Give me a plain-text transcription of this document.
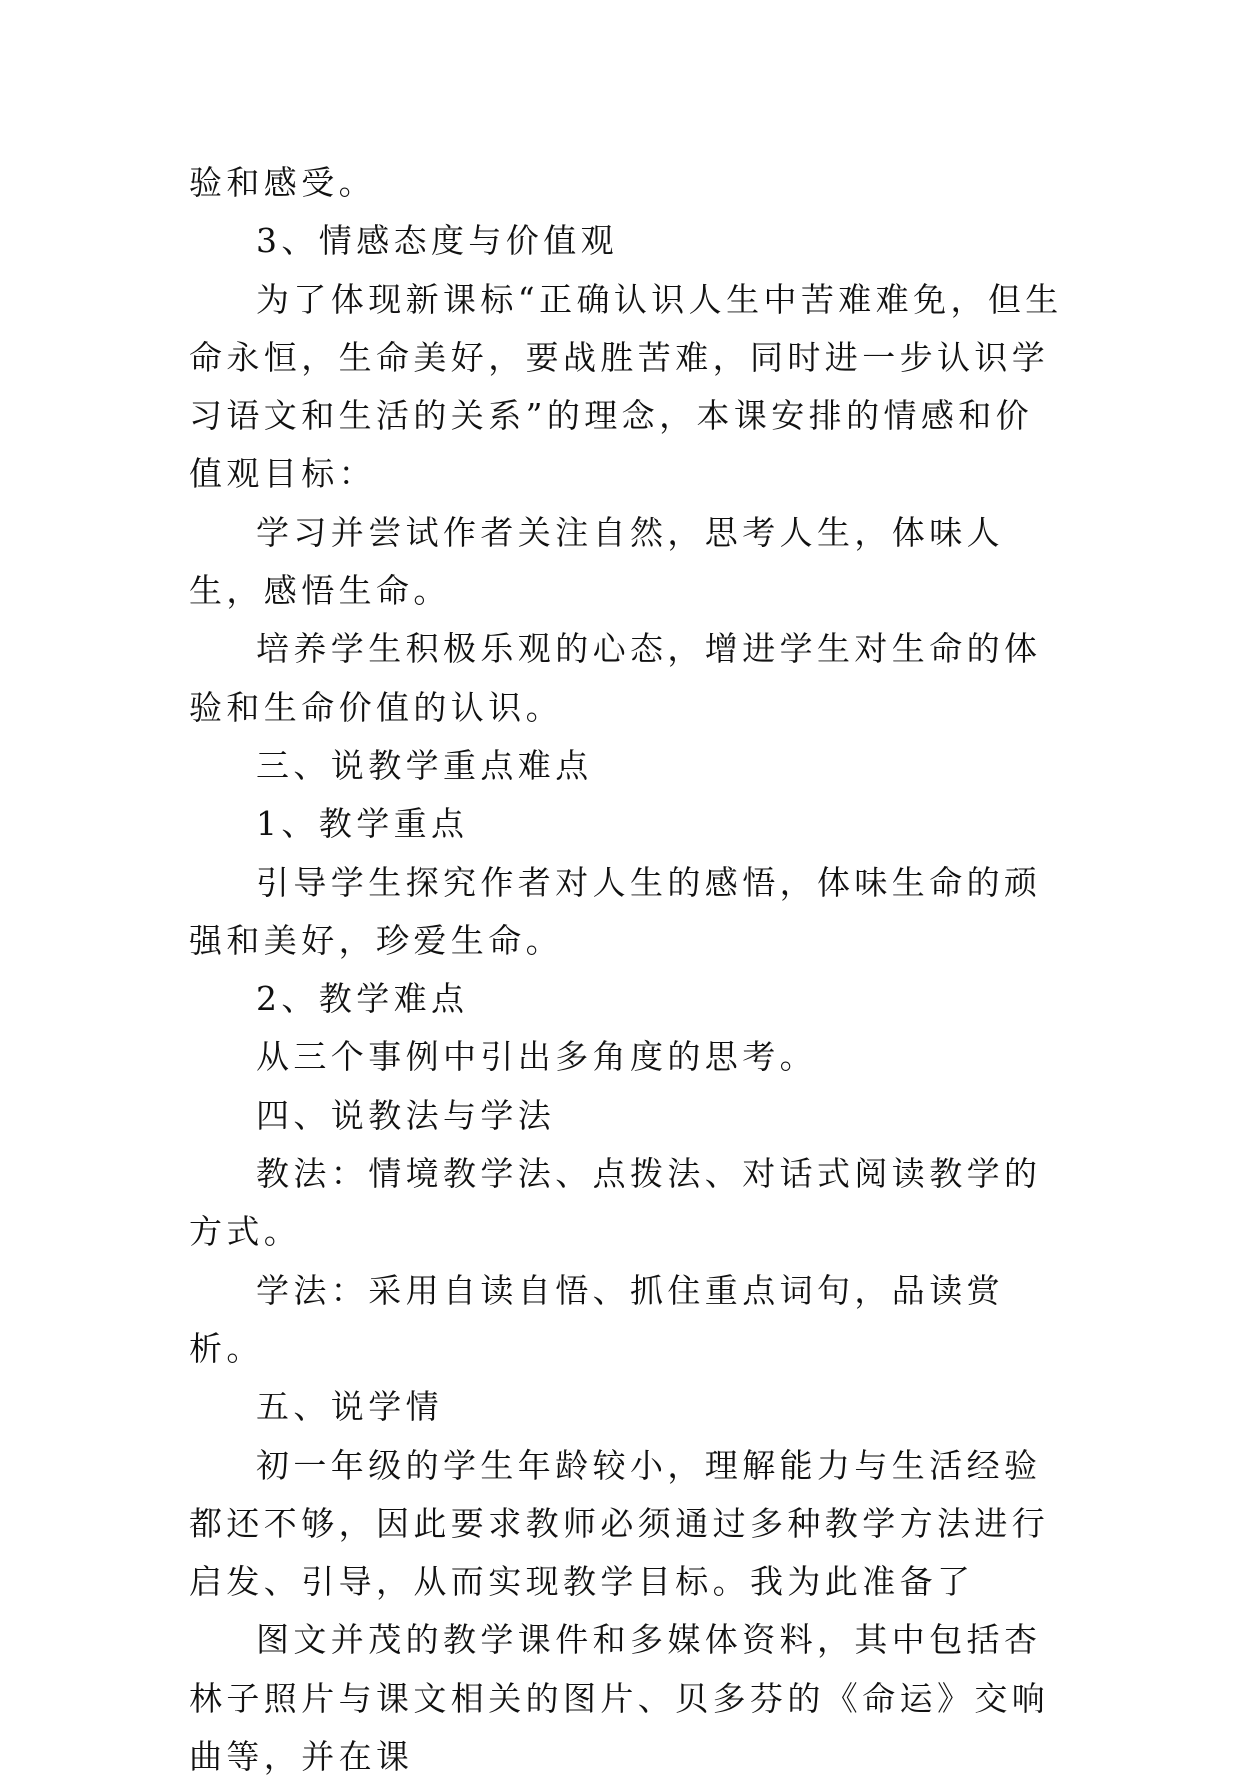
验和感受。

3、情感态度与价值观

为了体现新课标“正确认识人生中苦难难免，但生命永恒，生命美好，要战胜苦难，同时进一步认识学习语文和生活的关系”的理念，本课安排的情感和价值观目标：

学习并尝试作者关注自然，思考人生，体味人生，感悟生命。

培养学生积极乐观的心态，增进学生对生命的体验和生命价值的认识。

三、说教学重点难点

1、教学重点

引导学生探究作者对人生的感悟，体味生命的顽强和美好，珍爱生命。

2、教学难点

从三个事例中引出多角度的思考。

四、说教法与学法

教法：情境教学法、点拨法、对话式阅读教学的方式。

学法：采用自读自悟、抓住重点词句，品读赏析。

五、说学情

初一年级的学生年龄较小，理解能力与生活经验都还不够，因此要求教师必须通过多种教学方法进行启发、引导，从而实现教学目标。我为此准备了

图文并茂的教学课件和多媒体资料，其中包括杏林子照片与课文相关的图片、贝多芬的《命运》交响曲等，并在课
